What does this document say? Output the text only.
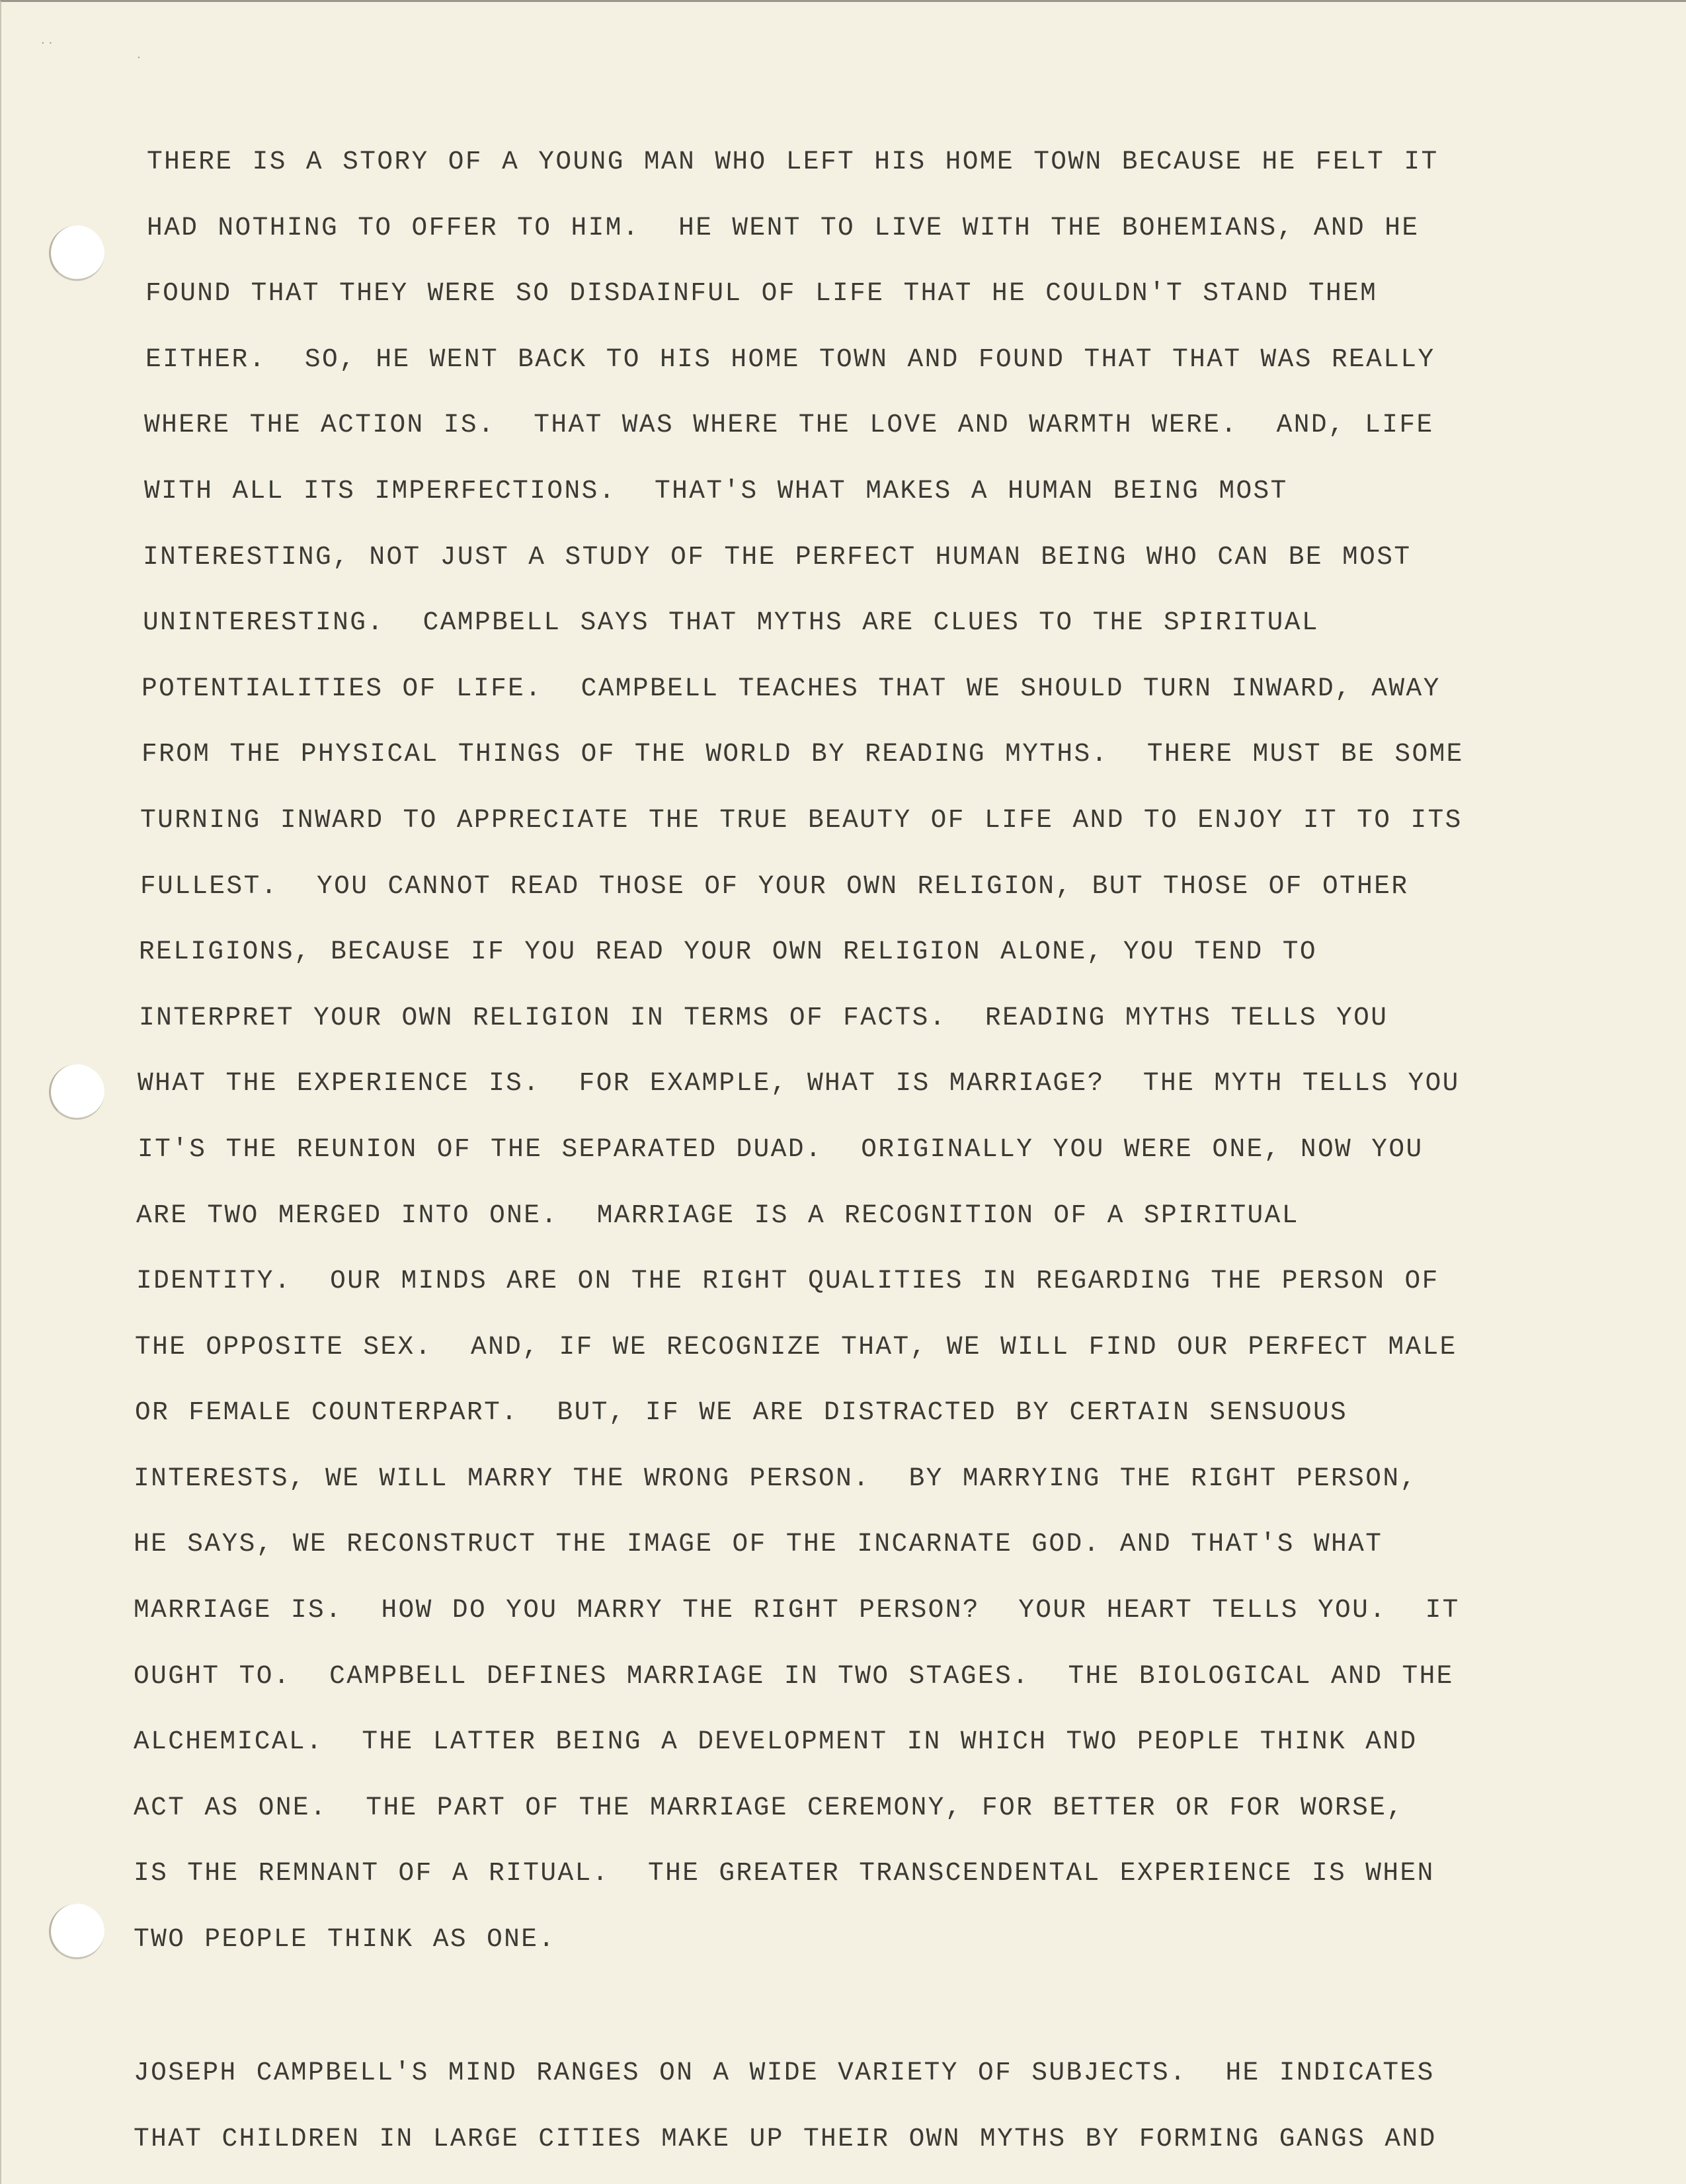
· ·
·
THERE IS A STORY OF A YOUNG MAN WHO LEFT HIS HOME TOWN BECAUSE HE FELT IT
HAD NOTHING TO OFFER TO HIM.  HE WENT TO LIVE WITH THE BOHEMIANS, AND HE
FOUND THAT THEY WERE SO DISDAINFUL OF LIFE THAT HE COULDN'T STAND THEM
EITHER.  SO, HE WENT BACK TO HIS HOME TOWN AND FOUND THAT THAT WAS REALLY
WHERE THE ACTION IS.  THAT WAS WHERE THE LOVE AND WARMTH WERE.  AND, LIFE
WITH ALL ITS IMPERFECTIONS.  THAT'S WHAT MAKES A HUMAN BEING MOST
INTERESTING, NOT JUST A STUDY OF THE PERFECT HUMAN BEING WHO CAN BE MOST
UNINTERESTING.  CAMPBELL SAYS THAT MYTHS ARE CLUES TO THE SPIRITUAL
POTENTIALITIES OF LIFE.  CAMPBELL TEACHES THAT WE SHOULD TURN INWARD, AWAY
FROM THE PHYSICAL THINGS OF THE WORLD BY READING MYTHS.  THERE MUST BE SOME
TURNING INWARD TO APPRECIATE THE TRUE BEAUTY OF LIFE AND TO ENJOY IT TO ITS
FULLEST.  YOU CANNOT READ THOSE OF YOUR OWN RELIGION, BUT THOSE OF OTHER
RELIGIONS, BECAUSE IF YOU READ YOUR OWN RELIGION ALONE, YOU TEND TO
INTERPRET YOUR OWN RELIGION IN TERMS OF FACTS.  READING MYTHS TELLS YOU
WHAT THE EXPERIENCE IS.  FOR EXAMPLE, WHAT IS MARRIAGE?  THE MYTH TELLS YOU
IT'S THE REUNION OF THE SEPARATED DUAD.  ORIGINALLY YOU WERE ONE, NOW YOU
ARE TWO MERGED INTO ONE.  MARRIAGE IS A RECOGNITION OF A SPIRITUAL
IDENTITY.  OUR MINDS ARE ON THE RIGHT QUALITIES IN REGARDING THE PERSON OF
THE OPPOSITE SEX.  AND, IF WE RECOGNIZE THAT, WE WILL FIND OUR PERFECT MALE
OR FEMALE COUNTERPART.  BUT, IF WE ARE DISTRACTED BY CERTAIN SENSUOUS
INTERESTS, WE WILL MARRY THE WRONG PERSON.  BY MARRYING THE RIGHT PERSON,
HE SAYS, WE RECONSTRUCT THE IMAGE OF THE INCARNATE GOD. AND THAT'S WHAT
MARRIAGE IS.  HOW DO YOU MARRY THE RIGHT PERSON?  YOUR HEART TELLS YOU.  IT
OUGHT TO.  CAMPBELL DEFINES MARRIAGE IN TWO STAGES.  THE BIOLOGICAL AND THE
ALCHEMICAL.  THE LATTER BEING A DEVELOPMENT IN WHICH TWO PEOPLE THINK AND
ACT AS ONE.  THE PART OF THE MARRIAGE CEREMONY, FOR BETTER OR FOR WORSE,
IS THE REMNANT OF A RITUAL.  THE GREATER TRANSCENDENTAL EXPERIENCE IS WHEN
TWO PEOPLE THINK AS ONE.
JOSEPH CAMPBELL'S MIND RANGES ON A WIDE VARIETY OF SUBJECTS.  HE INDICATES
THAT CHILDREN IN LARGE CITIES MAKE UP THEIR OWN MYTHS BY FORMING GANGS AND
